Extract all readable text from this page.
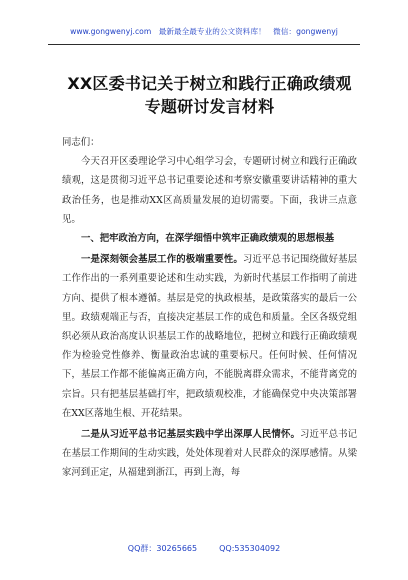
www.gongwenyj.com 最新最全最专业的公文资料库！ 微信：gongwenyj
XX区委书记关于树立和践行正确政绩观
专题研讨发言材料
同志们：

今天召开区委理论学习中心组学习会，专题研讨树立和践行正确政绩观，这是贯彻习近平总书记重要论述和考察安徽重要讲话精神的重大政治任务，也是推动XX区高质量发展的迫切需要。下面，我讲三点意见。

一、把牢政治方向，在深学细悟中筑牢正确政绩观的思想根基

一是深刻领会基层工作的极端重要性。习近平总书记围绕做好基层工作作出的一系列重要论述和生动实践，为新时代基层工作指明了前进方向、提供了根本遵循。基层是党的执政根基，是政策落实的最后一公里。政绩观端正与否，直接决定基层工作的成色和质量。全区各级党组织必须从政治高度认识基层工作的战略地位，把树立和践行正确政绩观作为检验党性修养、衡量政治忠诚的重要标尺。任何时候、任何情况下，基层工作都不能偏离正确方向，不能脱离群众需求，不能背离党的宗旨。只有把基层基础打牢，把政绩观校准，才能确保党中央决策部署在XX区落地生根、开花结果。

二是从习近平总书记基层实践中学出深厚人民情怀。习近平总书记在基层工作期间的生动实践，处处体现着对人民群众的深厚感情。从梁家河到正定，从福建到浙江，再到上海，每

QQ群：30265665	QQ:535304092
